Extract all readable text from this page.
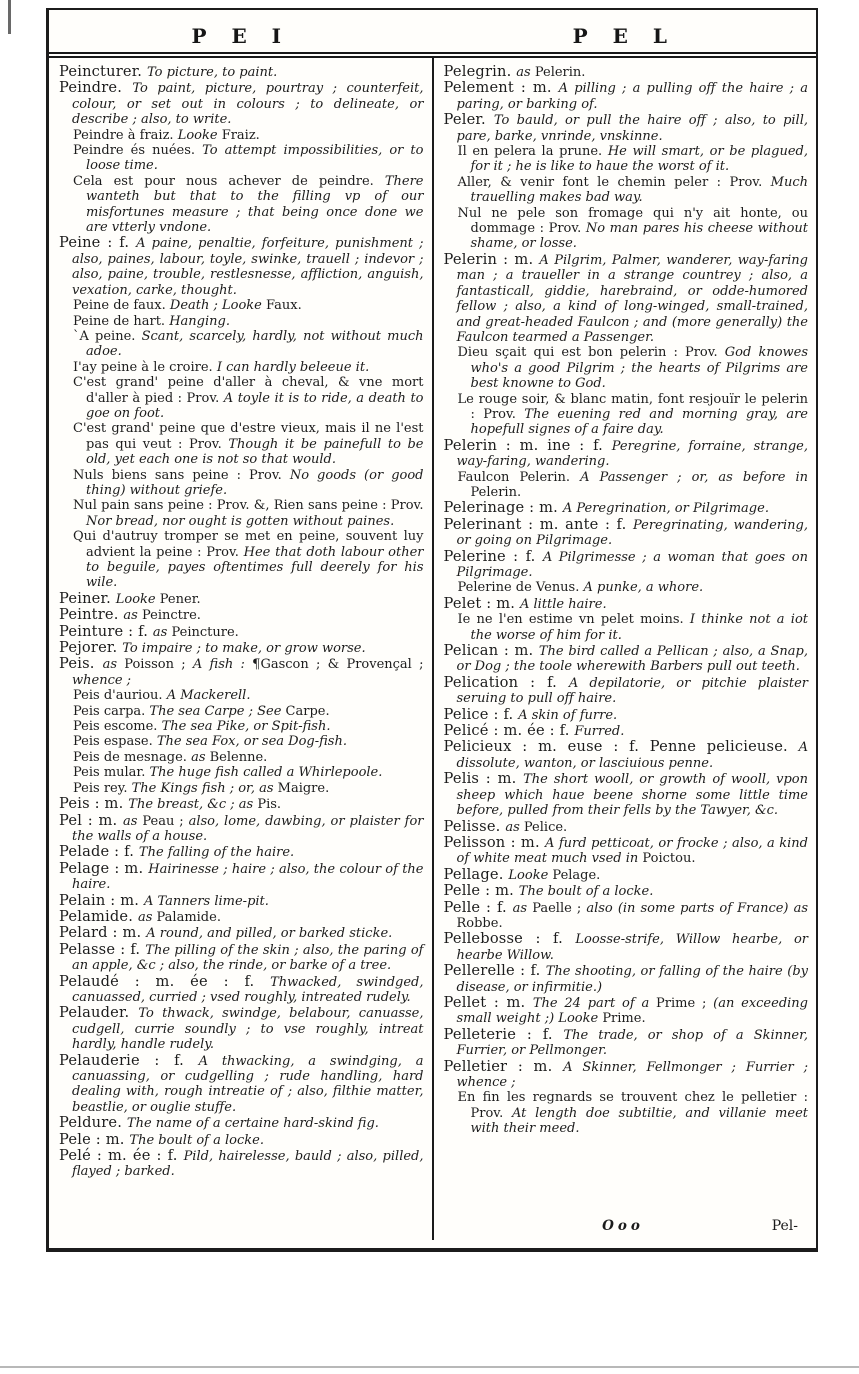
P E I	P E L

Peincturer. To picture, to paint.

Peindre. To paint, picture, pourtray ; counterfeit, colour, or set out in colours ; to delineate, or describe ; also, to write.

Peindre à fraiz. Looke Fraiz.

Peindre és nuées. To attempt impossibilities, or to loose time.

Cela est pour nous achever de peindre. There wanteth but that to the filling vp of our misfortunes measure ; that being once done we are vtterly vndone.

Peine : f. A paine, penaltie, forfeiture, punishment ; also, paines, labour, toyle, swinke, trauell ; indevor ; also, paine, trouble, restlesnesse, affliction, anguish, vexation, carke, thought.

Peine de faux. Death ; Looke Faux.

Peine de hart. Hanging.

`A peine. Scant, scarcely, hardly, not without much adoe.

I'ay peine à le croire. I can hardly beleeue it.

C'est grand' peine d'aller à cheval, & vne mort d'aller à pied : Prov. A toyle it is to ride, a death to goe on foot.

C'est grand' peine que d'estre vieux, mais il ne l'est pas qui veut : Prov. Though it be painefull to be old, yet each one is not so that would.

Nuls biens sans peine : Prov. No goods (or good thing) without griefe.

Nul pain sans peine : Prov. &, Rien sans peine : Prov. Nor bread, nor ought is gotten without paines.

Qui d'autruy tromper se met en peine, souvent luy advient la peine : Prov. Hee that doth labour other to beguile, payes oftentimes full deerely for his wile.

Peiner. Looke Pener.

Peintre. as Peinctre.

Peinture : f. as Peincture.

Pejorer. To impaire ; to make, or grow worse.

Peis. as Poisson ; A fish : ¶Gascon ; & Provençal ; whence ;

Peis d'auriou. A Mackerell.

Peis carpa. The sea Carpe ; See Carpe.

Peis escome. The sea Pike, or Spit-fish.

Peis espase. The sea Fox, or sea Dog-fish.

Peis de mesnage. as Belenne.

Peis mular. The huge fish called a Whirlepoole.

Peis rey. The Kings fish ; or, as Maigre.

Peis : m. The breast, &c ; as Pis.

Pel : m. as Peau ; also, lome, dawbing, or plaister for the walls of a house.

Pelade : f. The falling of the haire.

Pelage : m. Hairinesse ; haire ; also, the colour of the haire.

Pelain : m. A Tanners lime-pit.

Pelamide. as Palamide.

Pelard : m. A round, and pilled, or barked sticke.

Pelasse : f. The pilling of the skin ; also, the paring of an apple, &c ; also, the rinde, or barke of a tree.

Pelaudé : m. ée : f. Thwacked, swindged, canuassed, curried ; vsed roughly, intreated rudely.

Pelauder. To thwack, swindge, belabour, canuasse, cudgell, currie soundly ; to vse roughly, intreat hardly, handle rudely.

Pelauderie : f. A thwacking, a swindging, a canuassing, or cudgelling ; rude handling, hard dealing with, rough intreatie of ; also, filthie matter, beastlie, or ouglie stuffe.

Peldure. The name of a certaine hard-skind fig.

Pele : m. The boult of a locke.

Pelé : m. ée : f. Pild, hairelesse, bauld ; also, pilled, flayed ; barked.

Pelegrin. as Pelerin.

Pelement : m. A pilling ; a pulling off the haire ; a paring, or barking of.

Peler. To bauld, or pull the haire off ; also, to pill, pare, barke, vnrinde, vnskinne.

Il en pelera la prune. He will smart, or be plagued, for it ; he is like to haue the worst of it.

Aller, & venir font le chemin peler : Prov. Much trauelling makes bad way.

Nul ne pele son fromage qui n'y ait honte, ou dommage : Prov. No man pares his cheese without shame, or losse.

Pelerin : m. A Pilgrim, Palmer, wanderer, way-faring man ; a traueller in a strange countrey ; also, a fantasticall, giddie, harebraind, or odde-humored fellow ; also, a kind of long-winged, small-trained, and great-headed Faulcon ; and (more generally) the Faulcon tearmed a Passenger.

Dieu sçait qui est bon pelerin : Prov. God knowes who's a good Pilgrim ; the hearts of Pilgrims are best knowne to God.

Le rouge soir, & blanc matin, font resjouïr le pelerin : Prov. The euening red and morning gray, are hopefull signes of a faire day.

Pelerin : m. ine : f. Peregrine, forraine, strange, way-faring, wandering.

Faulcon Pelerin. A Passenger ; or, as before in Pelerin.

Pelerinage : m. A Peregrination, or Pilgrimage.

Pelerinant : m. ante : f. Peregrinating, wandering, or going on Pilgrimage.

Pelerine : f. A Pilgrimesse ; a woman that goes on Pilgrimage.

Pelerine de Venus. A punke, a whore.

Pelet : m. A little haire.

Ie ne l'en estime vn pelet moins. I thinke not a iot the worse of him for it.

Pelican : m. The bird called a Pellican ; also, a Snap, or Dog ; the toole wherewith Barbers pull out teeth.

Pelication : f. A depilatorie, or pitchie plaister seruing to pull off haire.

Pelice : f. A skin of furre.

Pelicé : m. ée : f. Furred.

Pelicieux : m. euse : f. Penne pelicieuse. A dissolute, wanton, or lasciuious penne.

Pelis : m. The short wooll, or growth of wooll, vpon sheep which haue beene shorne some little time before, pulled from their fells by the Tawyer, &c.

Pelisse. as Pelice.

Pelisson : m. A furd petticoat, or frocke ; also, a kind of white meat much vsed in Poictou.

Pellage. Looke Pelage.

Pelle : m. The boult of a locke.

Pelle : f. as Paelle ; also (in some parts of France) as Robbe.

Pellebosse : f. Loosse-strife, Willow hearbe, or hearbe Willow.

Pellerelle : f. The shooting, or falling of the haire (by disease, or infirmitie.)

Pellet : m. The 24 part of a Prime ; (an exceeding small weight ;) Looke Prime.

Pelleterie : f. The trade, or shop of a Skinner, Furrier, or Pellmonger.

Pelletier : m. A Skinner, Fellmonger ; Furrier ; whence ;

En fin les regnards se trouvent chez le pelletier : Prov. At length doe subtiltie, and villanie meet with their meed.

Ooo	Pel-
